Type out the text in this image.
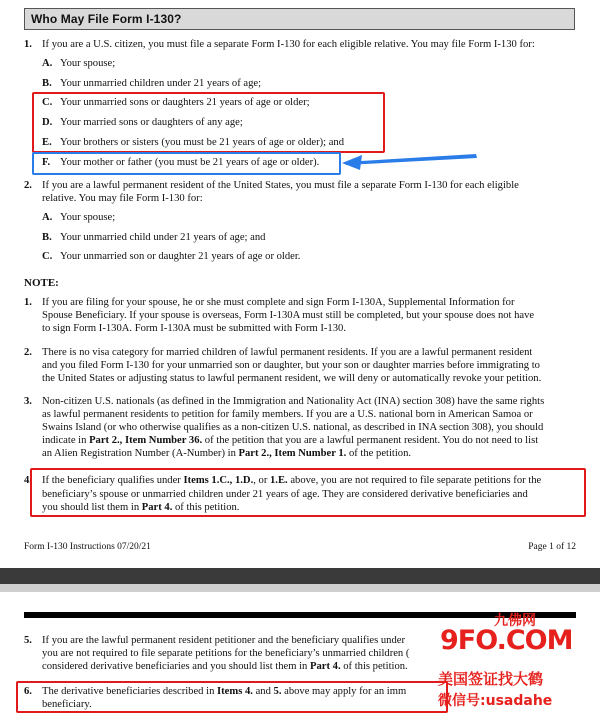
Who May File Form I-130?
1. If you are a U.S. citizen, you must file a separate Form I-130 for each eligible relative. You may file Form I-130 for:
A. Your spouse;
B. Your unmarried children under 21 years of age;
C. Your unmarried sons or daughters 21 years of age or older;
D. Your married sons or daughters of any age;
E. Your brothers or sisters (you must be 21 years of age or older); and
F. Your mother or father (you must be 21 years of age or older).
2. If you are a lawful permanent resident of the United States, you must file a separate Form I-130 for each eligible
relative. You may file Form I-130 for:
A. Your spouse;
B. Your unmarried child under 21 years of age; and
C. Your unmarried son or daughter 21 years of age or older.
NOTE:
1. If you are filing for your spouse, he or she must complete and sign Form I-130A, Supplemental Information for
Spouse Beneficiary. If your spouse is overseas, Form I-130A must still be completed, but your spouse does not have
to sign Form I-130A. Form I-130A must be submitted with Form I-130.
2. There is no visa category for married children of lawful permanent residents. If you are a lawful permanent resident
and you filed Form I-130 for your unmarried son or daughter, but your son or daughter marries before immigrating to
the United States or adjusting status to lawful permanent resident, we will deny or automatically revoke your petition.
3. Non-citizen U.S. nationals (as defined in the Immigration and Nationality Act (INA) section 308) have the same rights
as lawful permanent residents to petition for family members. If you are a U.S. national born in American Samoa or
Swains Island (or who otherwise qualifies as a non-citizen U.S. national, as described in INA section 308), you should
indicate in Part 2., Item Number 36. of the petition that you are a lawful permanent resident. You do not need to list
an Alien Registration Number (A-Number) in Part 2., Item Number 1. of the petition.
4. If the beneficiary qualifies under Items 1.C., 1.D., or 1.E. above, you are not required to file separate petitions for the
beneficiary’s spouse or unmarried children under 21 years of age. They are considered derivative beneficiaries and
you should list them in Part 4. of this petition.
Form I-130 Instructions 07/20/21	Page 1 of 12
5. If you are the lawful permanent resident petitioner and the beneficiary qualifies under
you are not required to file separate petitions for the beneficiary’s unmarried children (
considered derivative beneficiaries and you should list them in Part 4. of this petition.
6. The derivative beneficiaries described in Items 4. and 5. above may apply for an imm
beneficiary.
九佛网
9FO.COM
美国签证找大鹤
微信号:usadahe
